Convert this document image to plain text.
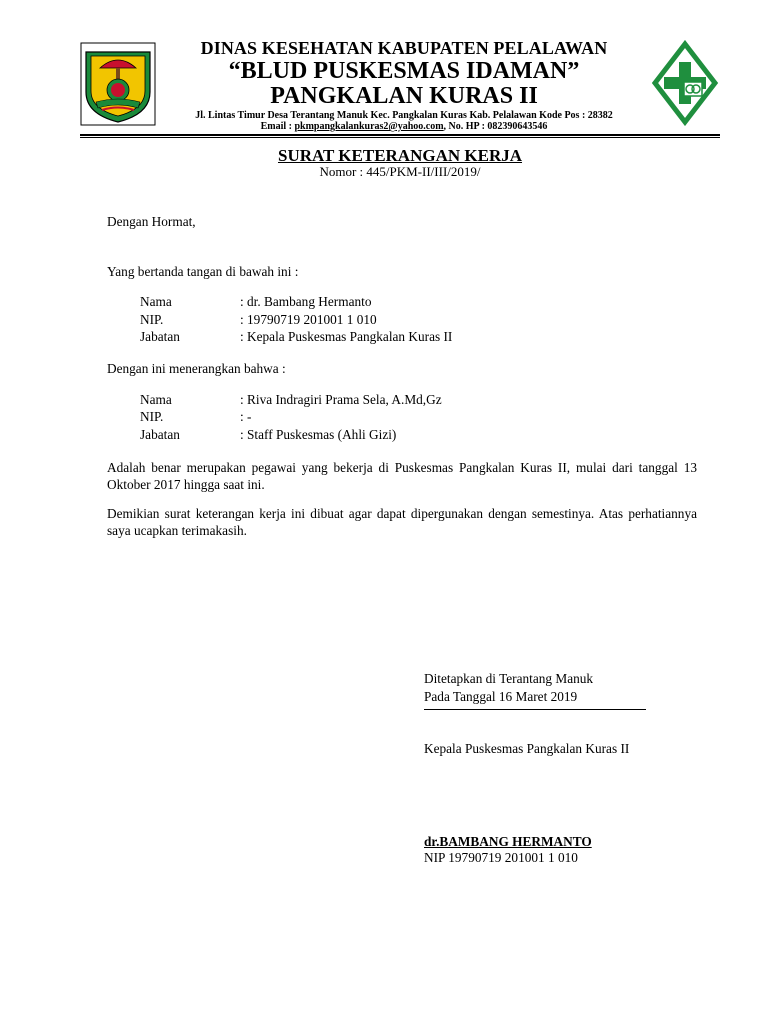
DINAS KESEHATAN KABUPATEN PELALAWAN
“BLUD PUSKESMAS IDAMAN”
PANGKALAN KURAS II
Jl. Lintas Timur Desa Terantang Manuk Kec. Pangkalan Kuras Kab. Pelalawan Kode Pos : 28382
Email : pkmpangkalankuras2@yahoo.com, No. HP : 082390643546
SURAT KETERANGAN KERJA
Nomor : 445/PKM-II/III/2019/
Dengan Hormat,
Yang bertanda tangan di bawah ini :
Nama	: dr. Bambang Hermanto
NIP.	: 19790719 201001 1 010
Jabatan	: Kepala Puskesmas Pangkalan Kuras II
Dengan ini menerangkan bahwa :
Nama	: Riva Indragiri Prama Sela, A.Md,Gz
NIP.	: -
Jabatan	: Staff Puskesmas (Ahli Gizi)
Adalah benar merupakan pegawai yang bekerja di Puskesmas Pangkalan Kuras II, mulai dari tanggal 13 Oktober 2017 hingga saat ini.
Demikian surat keterangan kerja ini dibuat agar dapat dipergunakan dengan semestinya. Atas perhatiannya saya ucapkan terimakasih.
Ditetapkan di Terantang Manuk
Pada Tanggal 16 Maret 2019
Kepala Puskesmas Pangkalan Kuras II
dr.BAMBANG HERMANTO
NIP 19790719 201001 1 010
